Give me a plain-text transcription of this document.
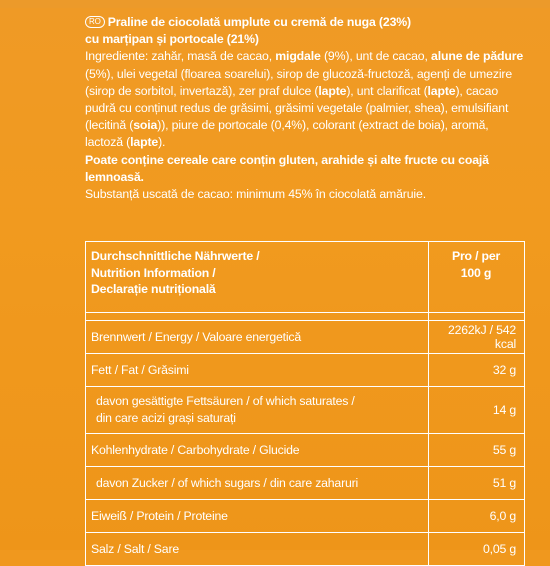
RO Praline de ciocolată umplute cu cremă de nuga (23%)
cu marțipan și portocale (21%)

Ingrediente: zahăr, masă de cacao, migdale (9%), unt de cacao, alune de pădure (5%), ulei vegetal (floarea soarelui), sirop de glucoză-fructoză, agenți de umezire (sirop de sorbitol, invertază), zer praf dulce (lapte), unt clarificat (lapte), cacao pudră cu conținut redus de grăsimi, grăsimi vegetale (palmier, shea), emulsifiant (lecitină (soia)), piure de portocale (0,4%), colorant (extract de boia), aromă, lactoză (lapte).

Poate conține cereale care conțin gluten, arahide și alte fructe cu coajă lemnoasă.

Substanță uscată de cacao: minimum 45% în ciocolată amăruie.

Durchschnittliche Nährwerte /
Nutrition Information /
Declarație nutrițională	Pro / per
100 g

Brennwert / Energy / Valoare energetică	2262kJ / 542 kcal
Fett / Fat / Grăsimi	32 g
davon gesättigte Fettsäuren / of which saturates /
din care acizi grași saturați	14 g
Kohlenhydrate / Carbohydrate / Glucide	55 g
davon Zucker / of which sugars / din care zaharuri	51 g
Eiweiß / Protein / Proteine	6,0 g
Salz / Salt / Sare	0,05 g
